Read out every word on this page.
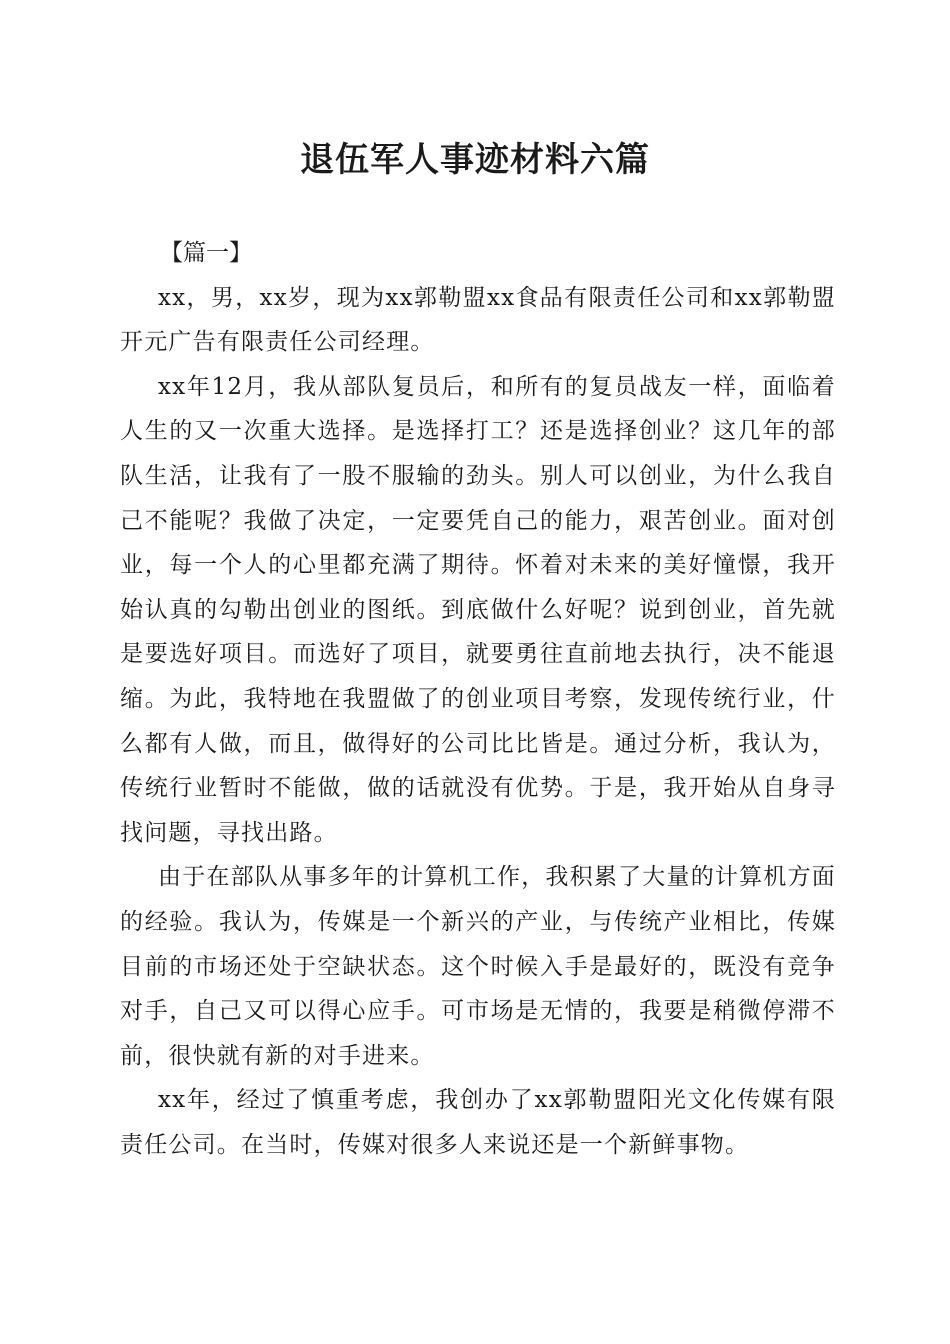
退伍军人事迹材料六篇

【篇一】

xx，男，xx岁，现为xx郭勒盟xx食品有限责任公司和xx郭勒盟开元广告有限责任公司经理。

xx年12月，我从部队复员后，和所有的复员战友一样，面临着人生的又一次重大选择。是选择打工？还是选择创业？这几年的部队生活，让我有了一股不服输的劲头。别人可以创业，为什么我自己不能呢？我做了决定，一定要凭自己的能力，艰苦创业。面对创业，每一个人的心里都充满了期待。怀着对未来的美好憧憬，我开始认真的勾勒出创业的图纸。到底做什么好呢？说到创业，首先就是要选好项目。而选好了项目，就要勇往直前地去执行，决不能退缩。为此，我特地在我盟做了的创业项目考察，发现传统行业，什么都有人做，而且，做得好的公司比比皆是。通过分析，我认为，传统行业暂时不能做，做的话就没有优势。于是，我开始从自身寻找问题，寻找出路。

由于在部队从事多年的计算机工作，我积累了大量的计算机方面的经验。我认为，传媒是一个新兴的产业，与传统产业相比，传媒目前的市场还处于空缺状态。这个时候入手是最好的，既没有竞争对手，自己又可以得心应手。可市场是无情的，我要是稍微停滞不前，很快就有新的对手进来。

xx年，经过了慎重考虑，我创办了xx郭勒盟阳光文化传媒有限责任公司。在当时，传媒对很多人来说还是一个新鲜事物。
